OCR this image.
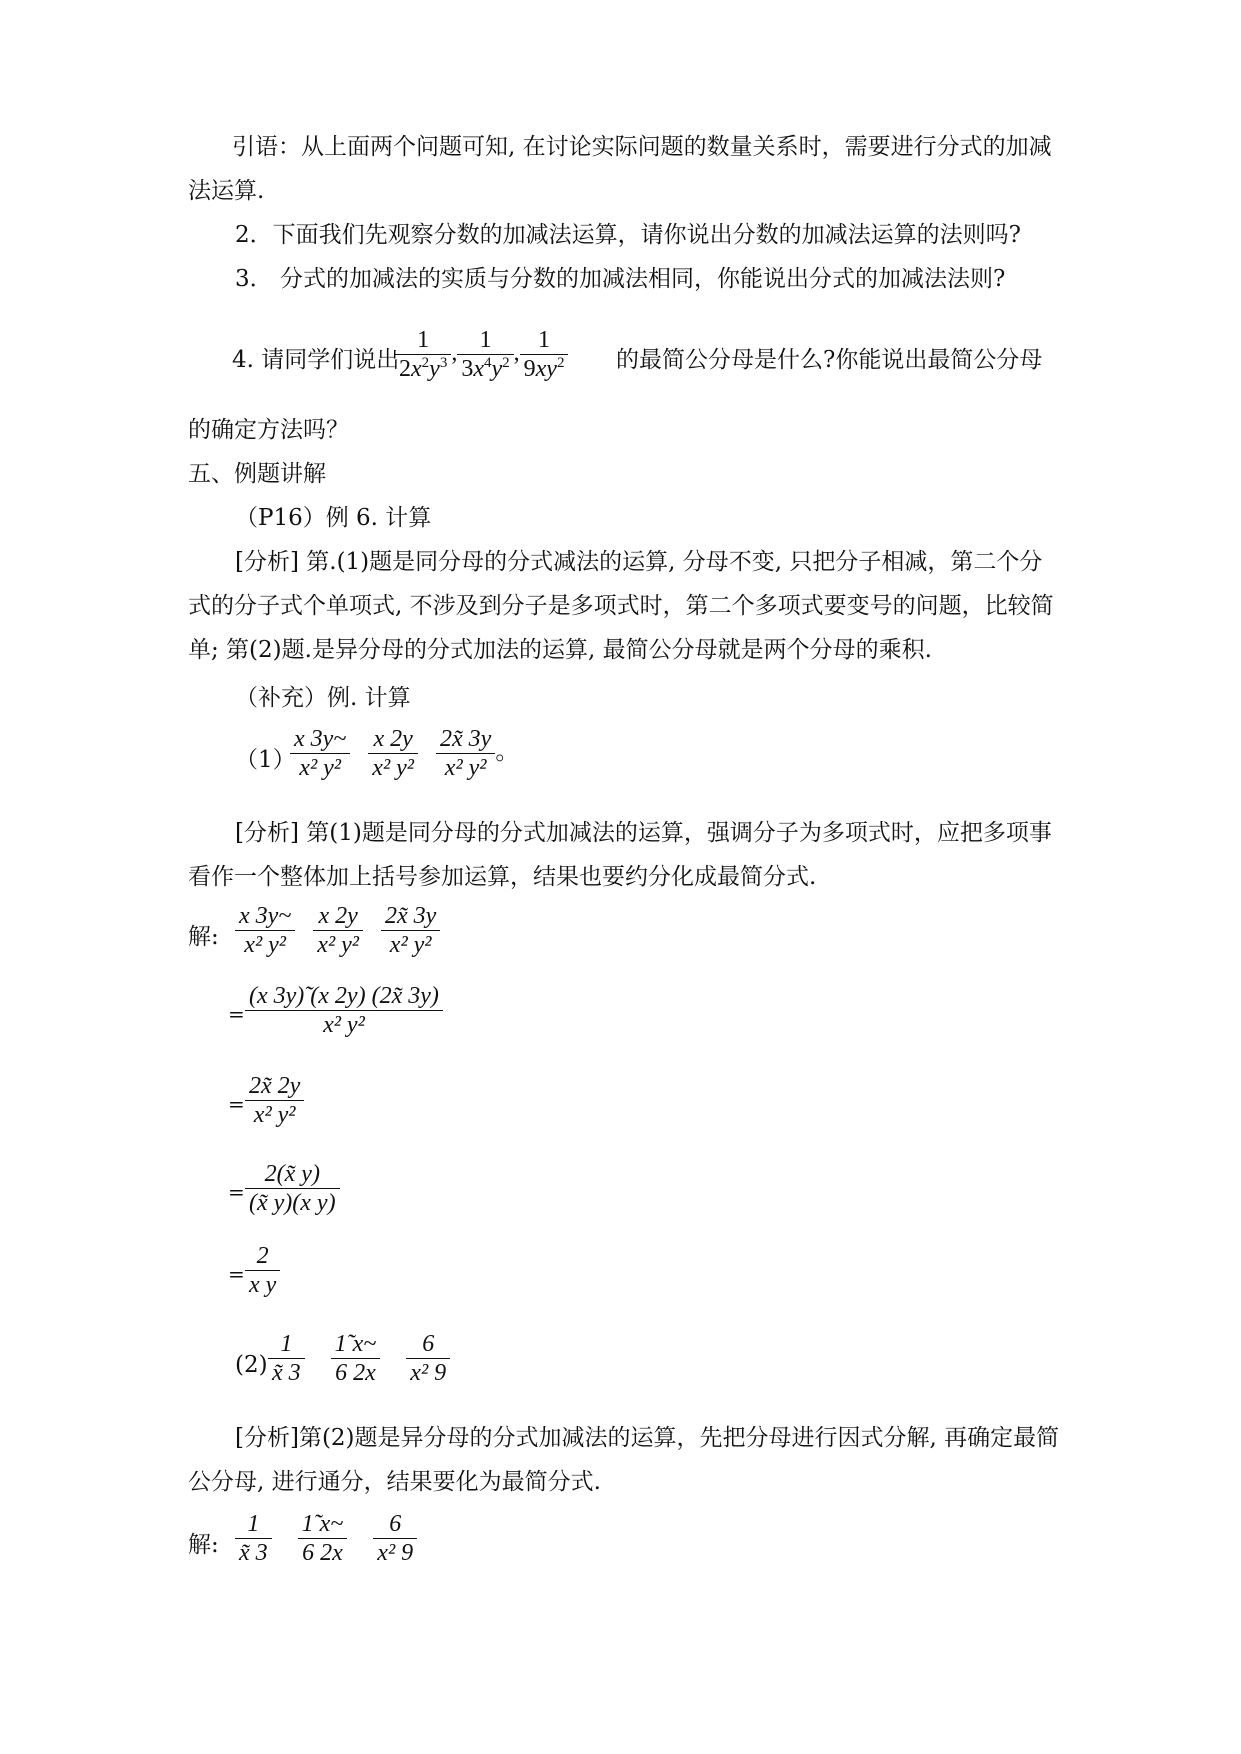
引语：从上面两个问题可知, 在讨论实际问题的数量关系时，需要进行分式的加减
法运算.
2．下面我们先观察分数的加减法运算，请你说出分数的加减法运算的法则吗?
3． 分式的加减法的实质与分数的加减法相同，你能说出分式的加减法法则?
4. 请同学们说出
$\frac{1}{2x^2y^3}$ , $\frac{1}{3x^4y^2}$ , $\frac{1}{9xy^2}$ 的最简公分母是什么?你能说出最简公分母
的确定方法吗？
五、例题讲解
（P16）例 6. 计算
[分析] 第.(1)题是同分母的分式减法的运算, 分母不变, 只把分子相减，第二个分
式的分子式个单项式, 不涉及到分子是多项式时，第二个多项式要变号的问题，比较简
单; 第(2)题.是异分母的分式加法的运算, 最简公分母就是两个分母的乘积.
（补充）例. 计算
（1）
$\frac{x 3y\sim}{\text{x² y²}} \frac{x 2y}{\text{x² y²}} \frac{2x̃ 3y}{\text{x² y²}}$ 。
[分析] 第(1)题是同分母的分式加减法的运算，强调分子为多项式时，应把多项事
看作一个整体加上括号参加运算，结果也要约分化成最简分式.
解: $\frac{x 3y\sim}{\text{x² y²}} \frac{x 2y}{\text{x² y²}} \frac{2x̃ 3y}{\text{x² y²}}$
= $\frac{(x 3y)̃ (x 2y) (2x̃ 3y)}{\text{x² y²}}$
= $\frac{2x̃ 2y}{\text{x² y²}}$
= $\frac{2(x̃ y)}{\text{(x̃ y)(x y)}}$
= $\frac{2}{\text{x y}}$
$(2) \frac{1}{x̃ 3} \frac{1̃ x\sim}{6 2x} \frac{6}{\text{x² 9}}$
[分析]第(2)题是异分母的分式加减法的运算，先把分母进行因式分解, 再确定最简
公分母, 进行通分，结果要化为最简分式.
解: $\frac{1}{x̃ 3} \frac{1̃ x\sim}{6 2x} \frac{6}{\text{x² 9}}$
